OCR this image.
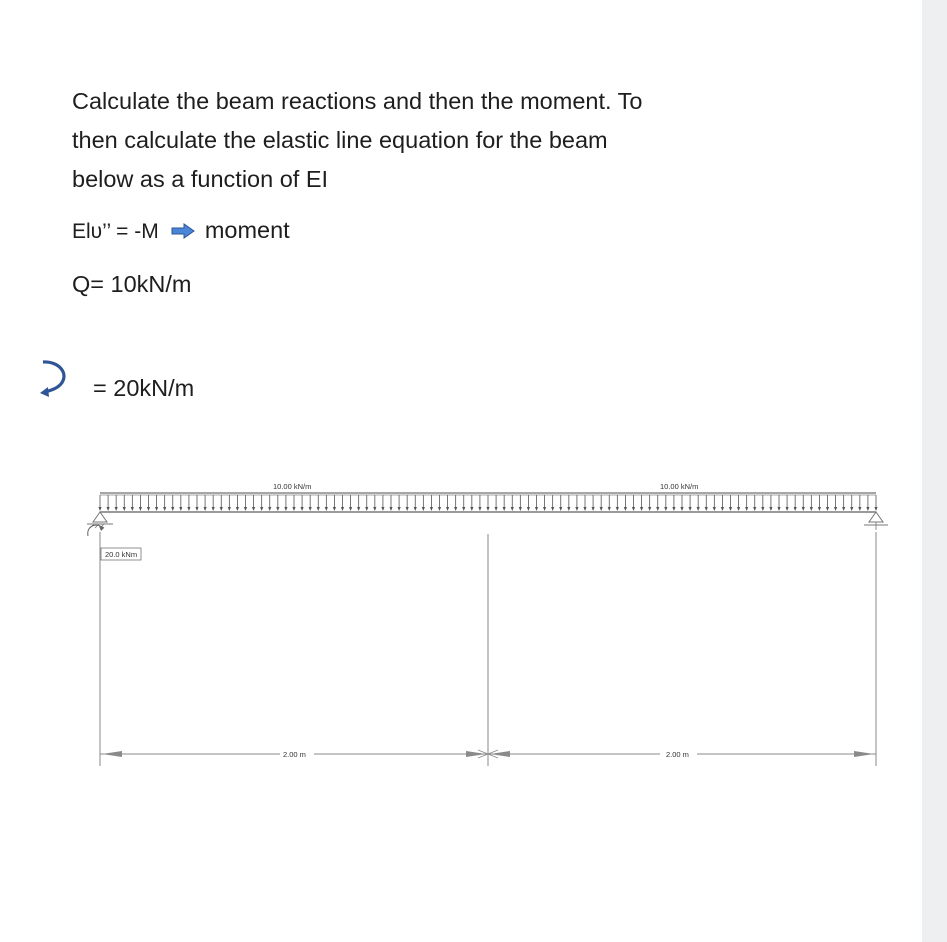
Calculate the beam reactions and then the moment. To
then calculate the elastic line equation for the beam
below as a function of EI
Elυ’’ = -M moment
Q= 10kN/m
= 20kN/m
20.0 kNm
10.00 kN/m	10.00 kN/m
2.00 m	2.00 m
